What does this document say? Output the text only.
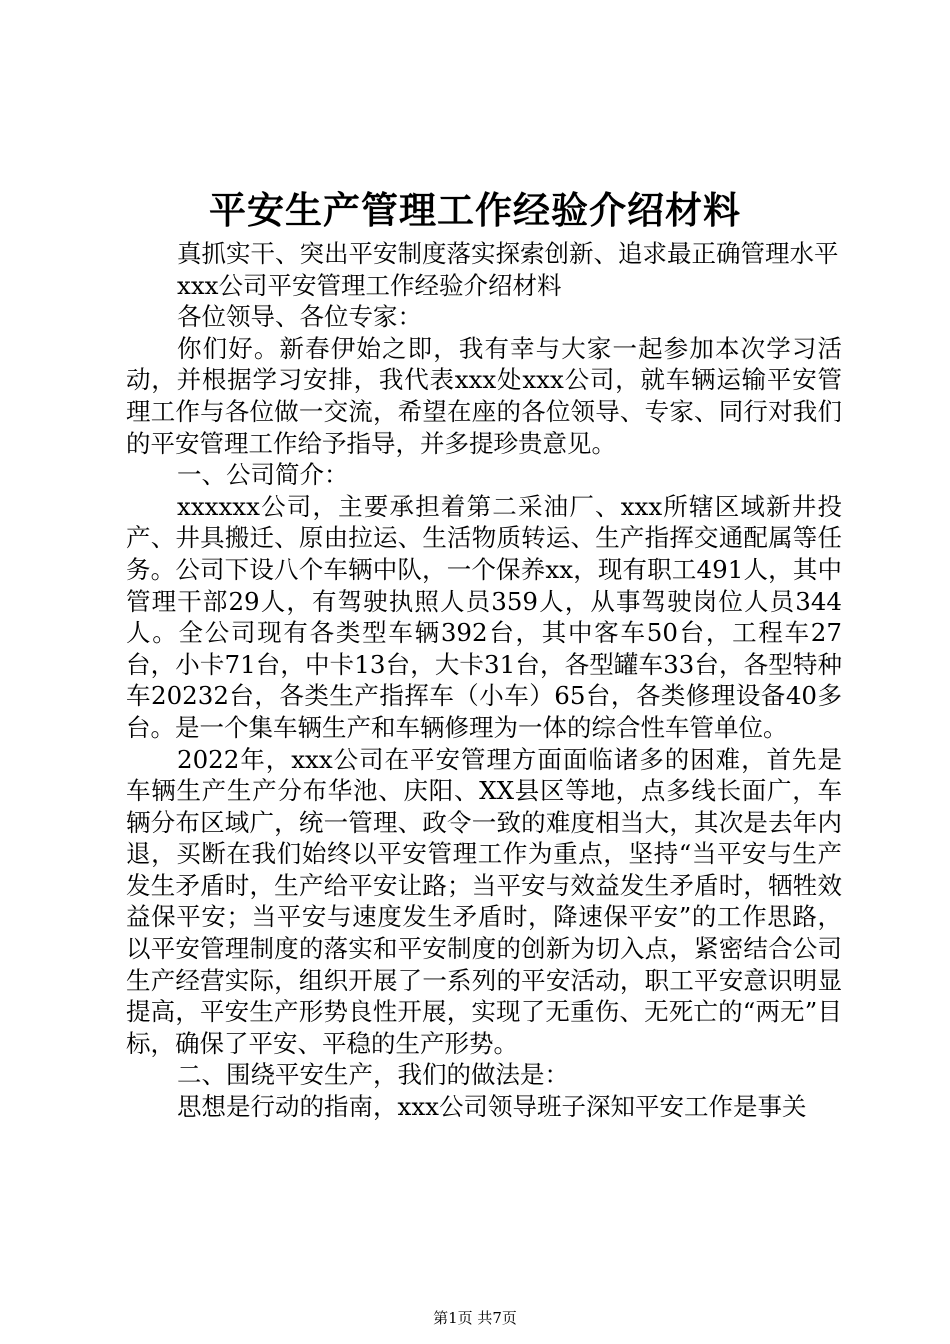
平安生产管理工作经验介绍材料

真抓实干、突出平安制度落实探索创新、追求最正确管理水平

xxx公司平安管理工作经验介绍材料

各位领导、各位专家：

你们好。新春伊始之即，我有幸与大家一起参加本次学习活动，并根据学习安排，我代表xxx处xxx公司，就车辆运输平安管理工作与各位做一交流，希望在座的各位领导、专家、同行对我们的平安管理工作给予指导，并多提珍贵意见。

一、公司简介：

xxxxxx公司，主要承担着第二采油厂、xxx所辖区域新井投产、井具搬迁、原由拉运、生活物质转运、生产指挥交通配属等任务。公司下设八个车辆中队，一个保养xx，现有职工491人，其中管理干部29人，有驾驶执照人员359人，从事驾驶岗位人员344人。全公司现有各类型车辆392台，其中客车50台，工程车27台，小卡71台，中卡13台，大卡31台，各型罐车33台，各型特种车20232台，各类生产指挥车（小车）65台，各类修理设备40多台。是一个集车辆生产和车辆修理为一体的综合性车管单位。

2022年，xxx公司在平安管理方面面临诸多的困难，首先是车辆生产生产分布华池、庆阳、XX县区等地，点多线长面广，车辆分布区域广，统一管理、政令一致的难度相当大，其次是去年内退，买断在我们始终以平安管理工作为重点，坚持“当平安与生产发生矛盾时，生产给平安让路；当平安与效益发生矛盾时，牺牲效益保平安；当平安与速度发生矛盾时，降速保平安”的工作思路，以平安管理制度的落实和平安制度的创新为切入点，紧密结合公司生产经营实际，组织开展了一系列的平安活动，职工平安意识明显提高，平安生产形势良性开展，实现了无重伤、无死亡的“两无”目标，确保了平安、平稳的生产形势。

二、围绕平安生产，我们的做法是：

思想是行动的指南，xxx公司领导班子深知平安工作是事关

第1页 共7页
